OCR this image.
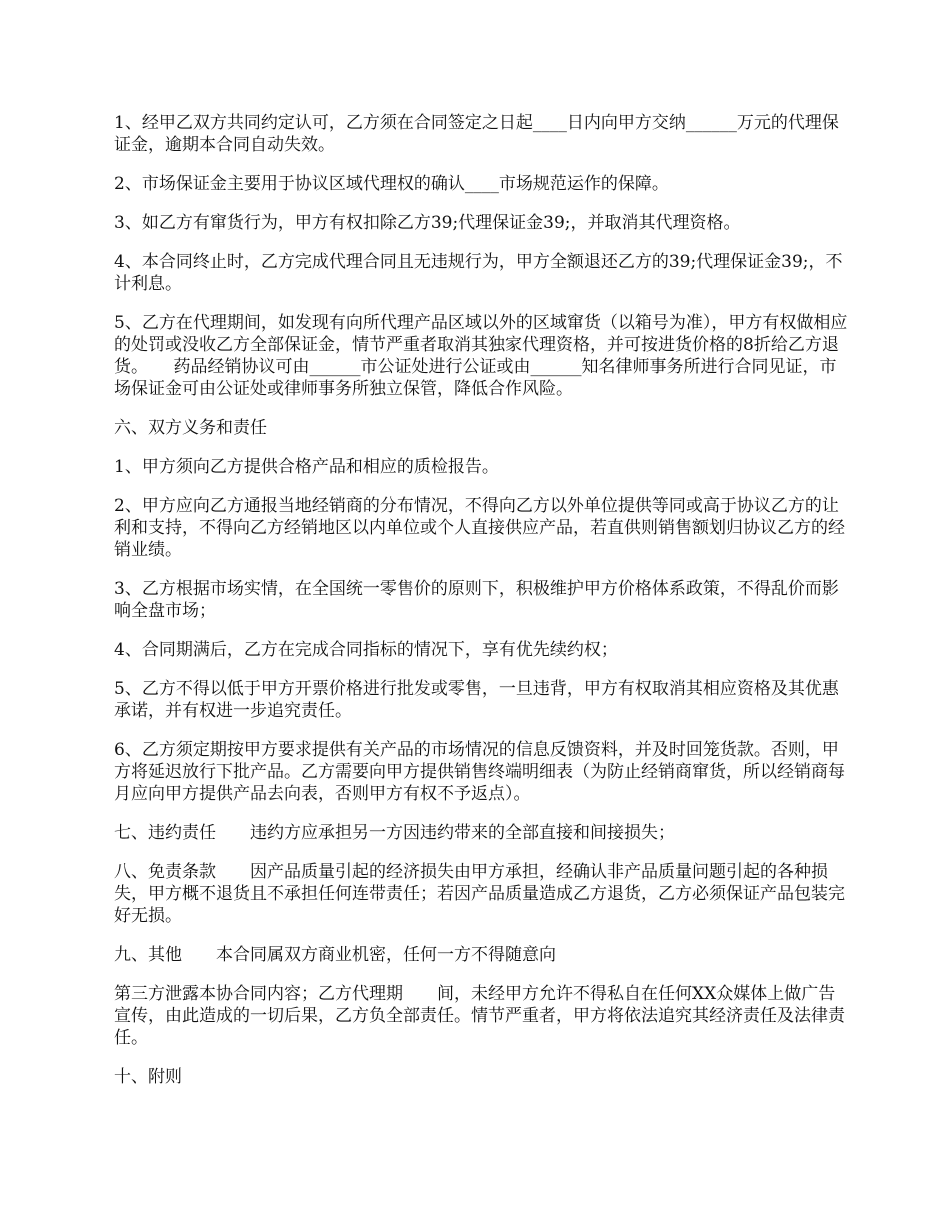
1、经甲乙双方共同约定认可，乙方须在合同签定之日起____日内向甲方交纳______万元的代理保证金，逾期本合同自动失效。

2、市场保证金主要用于协议区域代理权的确认____市场规范运作的保障。

3、如乙方有窜货行为，甲方有权扣除乙方39;代理保证金39;，并取消其代理资格。

4、本合同终止时，乙方完成代理合同且无违规行为，甲方全额退还乙方的39;代理保证金39;，不计利息。

5、乙方在代理期间，如发现有向所代理产品区域以外的区域窜货（以箱号为准），甲方有权做相应的处罚或没收乙方全部保证金，情节严重者取消其独家代理资格，并可按进货价格的8折给乙方退货。　　药品经销协议可由______市公证处进行公证或由______知名律师事务所进行合同见证，市场保证金可由公证处或律师事务所独立保管，降低合作风险。

六、双方义务和责任

1、甲方须向乙方提供合格产品和相应的质检报告。

2、甲方应向乙方通报当地经销商的分布情况，不得向乙方以外单位提供等同或高于协议乙方的让利和支持，不得向乙方经销地区以内单位或个人直接供应产品，若直供则销售额划归协议乙方的经销业绩。

3、乙方根据市场实情，在全国统一零售价的原则下，积极维护甲方价格体系政策，不得乱价而影响全盘市场；

4、合同期满后，乙方在完成合同指标的情况下，享有优先续约权；

5、乙方不得以低于甲方开票价格进行批发或零售，一旦违背，甲方有权取消其相应资格及其优惠承诺，并有权进一步追究责任。

6、乙方须定期按甲方要求提供有关产品的市场情况的信息反馈资料，并及时回笼货款。否则，甲方将延迟放行下批产品。乙方需要向甲方提供销售终端明细表（为防止经销商窜货，所以经销商每月应向甲方提供产品去向表，否则甲方有权不予返点）。

七、违约责任　　违约方应承担另一方因违约带来的全部直接和间接损失；

八、免责条款　　因产品质量引起的经济损失由甲方承担，经确认非产品质量问题引起的各种损失，甲方概不退货且不承担任何连带责任；若因产品质量造成乙方退货，乙方必须保证产品包装完好无损。

九、其他　　本合同属双方商业机密，任何一方不得随意向

第三方泄露本协合同内容；乙方代理期　　间，未经甲方允许不得私自在任何XX众媒体上做广告宣传，由此造成的一切后果，乙方负全部责任。情节严重者，甲方将依法追究其经济责任及法律责任。

十、附则
